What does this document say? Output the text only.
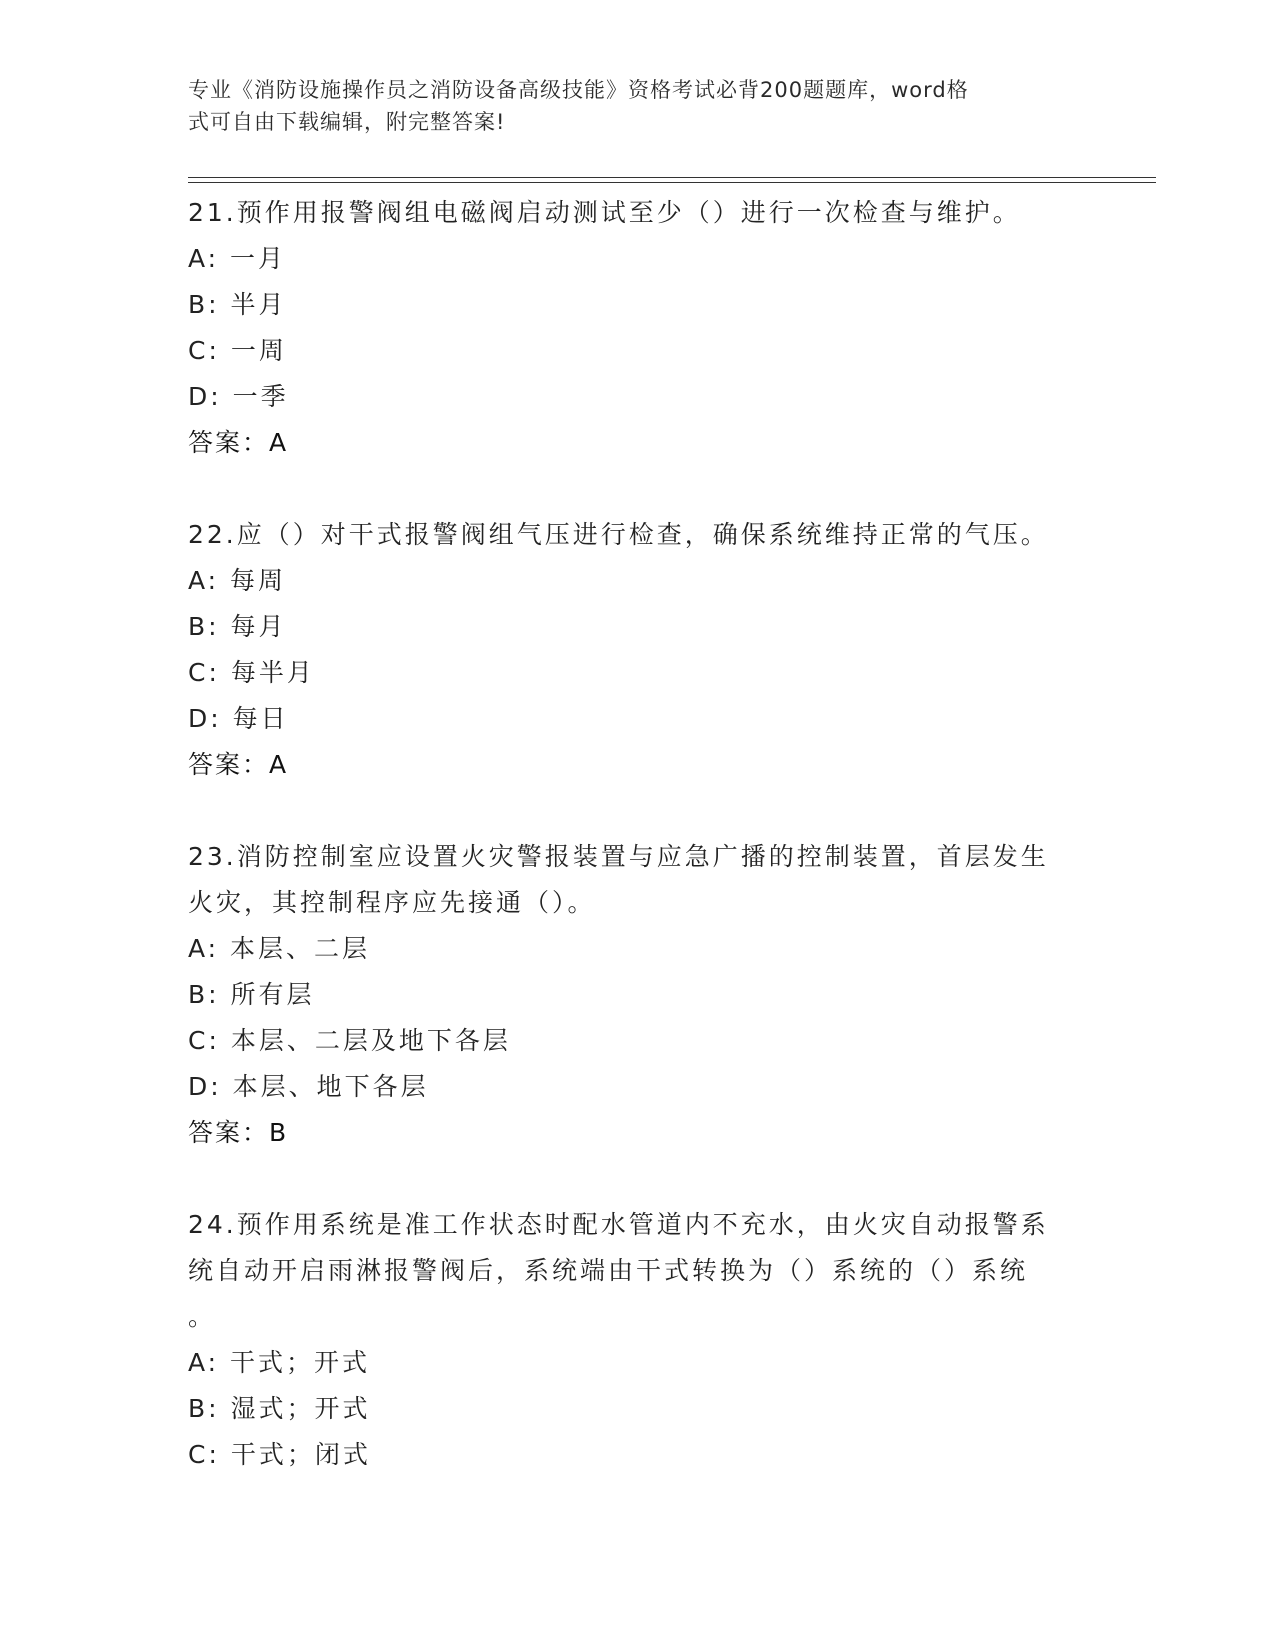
专业《消防设施操作员之消防设备高级技能》资格考试必背200题题库，word格
式可自由下载编辑，附完整答案!
21.预作用报警阀组电磁阀启动测试至少（）进行一次检查与维护。
A: 一月
B: 半月
C: 一周
D: 一季
答案：A
22.应（）对干式报警阀组气压进行检查，确保系统维持正常的气压。
A: 每周
B: 每月
C: 每半月
D: 每日
答案：A
23.消防控制室应设置火灾警报装置与应急广播的控制装置，首层发生
火灾，其控制程序应先接通（）。
A: 本层、二层
B: 所有层
C: 本层、二层及地下各层
D: 本层、地下各层
答案：B
24.预作用系统是准工作状态时配水管道内不充水，由火灾自动报警系
统自动开启雨淋报警阀后，系统端由干式转换为（）系统的（）系统
。
A: 干式；开式
B: 湿式；开式
C: 干式；闭式
